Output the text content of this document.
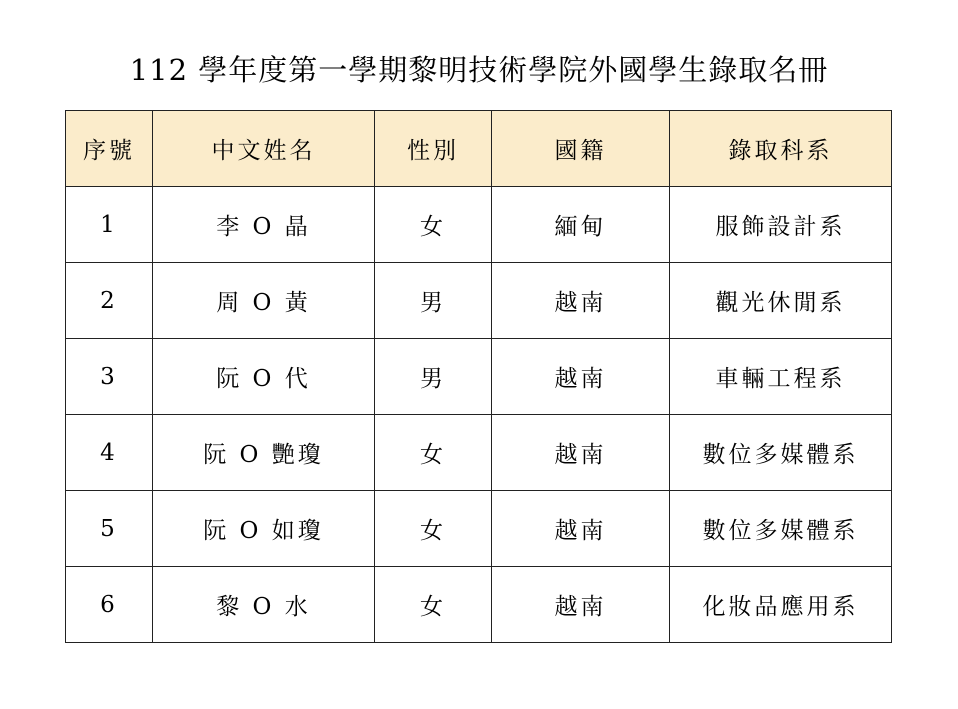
112 學年度第一學期黎明技術學院外國學生錄取名冊
序號	中文姓名	性別	國籍	錄取科系
1	李 O 晶	女	緬甸	服飾設計系
2	周 O 黃	男	越南	觀光休閒系
3	阮 O 代	男	越南	車輛工程系
4	阮 O 艷瓊	女	越南	數位多媒體系
5	阮 O 如瓊	女	越南	數位多媒體系
6	黎 O 水	女	越南	化妝品應用系
